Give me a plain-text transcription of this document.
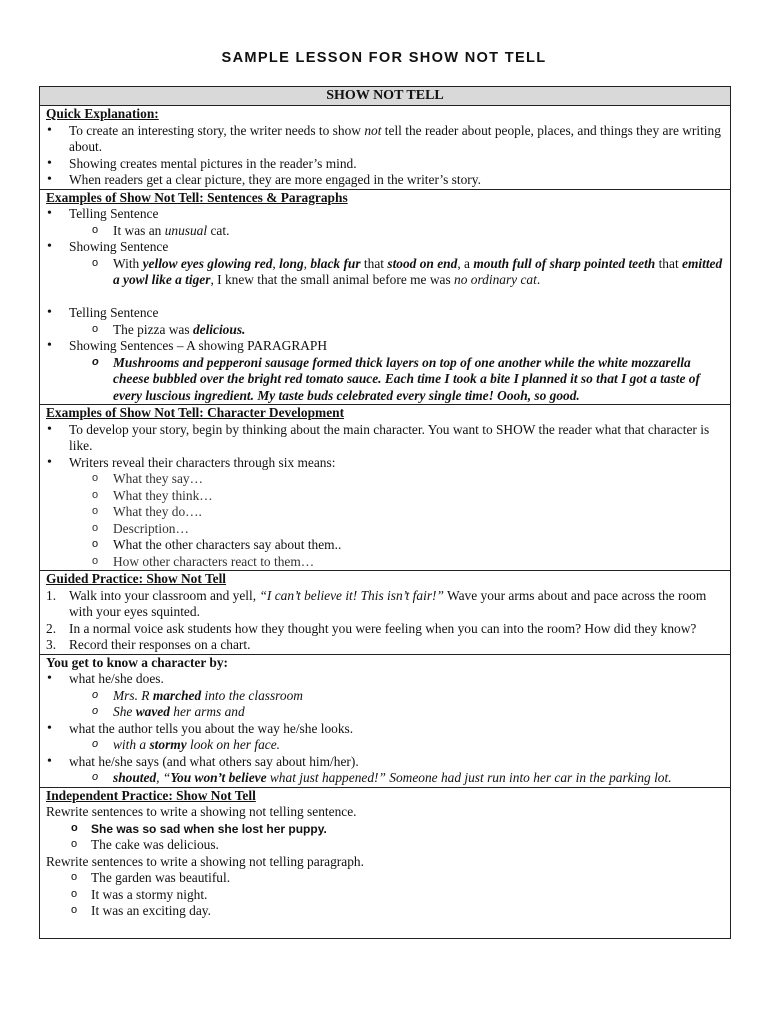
SAMPLE LESSON FOR SHOW NOT TELL
SHOW NOT TELL
Quick Explanation:
• To create an interesting story, the writer needs to show not tell the reader about people, places, and things they are writing about.
• Showing creates mental pictures in the reader’s mind.
• When readers get a clear picture, they are more engaged in the writer’s story.
Examples of Show Not Tell: Sentences & Paragraphs
• Telling Sentence
o It was an unusual cat.
• Showing Sentence
o With yellow eyes glowing red, long, black fur that stood on end, a mouth full of sharp pointed teeth that emitted a yowl like a tiger, I knew that the small animal before me was no ordinary cat.
• Telling Sentence
o The pizza was delicious.
• Showing Sentences – A showing PARAGRAPH
o Mushrooms and pepperoni sausage formed thick layers on top of one another while the white mozzarella cheese bubbled over the bright red tomato sauce. Each time I took a bite I planned it so that I got a taste of every luscious ingredient. My taste buds celebrated every single time! Oooh, so good.
Examples of Show Not Tell: Character Development
• To develop your story, begin by thinking about the main character. You want to SHOW the reader what that character is like.
• Writers reveal their characters through six means:
o What they say…
o What they think…
o What they do….
o Description…
o What the other characters say about them..
o How other characters react to them…
Guided Practice: Show Not Tell
1. Walk into your classroom and yell, “I can’t believe it! This isn’t fair!” Wave your arms about and pace across the room with your eyes squinted.
2. In a normal voice ask students how they thought you were feeling when you can into the room? How did they know?
3. Record their responses on a chart.
You get to know a character by:
• what he/she does.
o Mrs. R marched into the classroom
o She waved her arms and
• what the author tells you about the way he/she looks.
o with a stormy look on her face.
• what he/she says (and what others say about him/her).
o shouted, “You won’t believe what just happened!” Someone had just run into her car in the parking lot.
Independent Practice: Show Not Tell
Rewrite sentences to write a showing not telling sentence.
o She was so sad when she lost her puppy.
o The cake was delicious.
Rewrite sentences to write a showing not telling paragraph.
o The garden was beautiful.
o It was a stormy night.
o It was an exciting day.
